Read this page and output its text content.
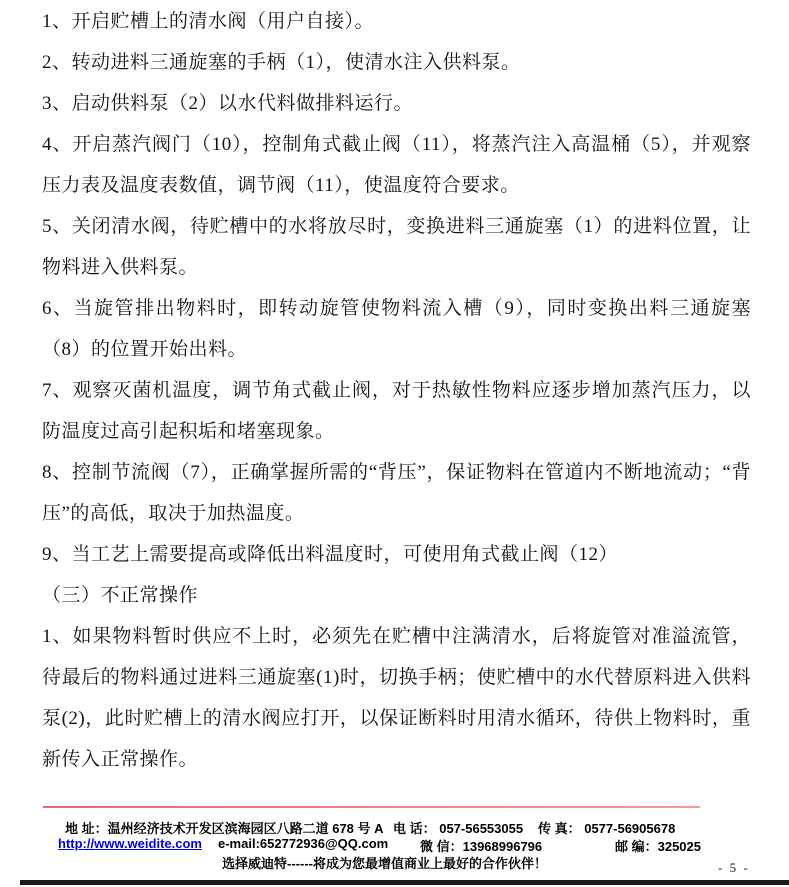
1、开启贮槽上的清水阀（用户自接）。

2、转动进料三通旋塞的手柄（1），使清水注入供料泵。

3、启动供料泵（2）以水代料做排料运行。

4、开启蒸汽阀门（10），控制角式截止阀（11），将蒸汽注入高温桶（5），并观察压力表及温度表数值，调节阀（11），使温度符合要求。

5、关闭清水阀，待贮槽中的水将放尽时，变换进料三通旋塞（1）的进料位置，让物料进入供料泵。

6、当旋管排出物料时，即转动旋管使物料流入槽（9），同时变换出料三通旋塞（8）的位置开始出料。

7、观察灭菌机温度，调节角式截止阀，对于热敏性物料应逐步增加蒸汽压力，以防温度过高引起积垢和堵塞现象。

8、控制节流阀（7），正确掌握所需的“背压”，保证物料在管道内不断地流动；“背压”的高低，取决于加热温度。

9、当工艺上需要提高或降低出料温度时，可使用角式截止阀（12）

（三）不正常操作

1、如果物料暂时供应不上时，必须先在贮槽中注满清水，后将旋管对准溢流管，待最后的物料通过进料三通旋塞(1)时，切换手柄；使贮槽中的水代替原料进入供料泵(2)，此时贮槽上的清水阀应打开，以保证断料时用清水循环，待供上物料时，重新传入正常操作。

地 址：温州经济技术开发区滨海园区八路二道 678 号 A 电 话： 057-56553055 传 真： 0577-56905678
http://www.weidite.com e-mail:652772936@QQ.com 微 信：13968996796	邮 编：325025
选择威迪特------将成为您最增值商业上最好的合作伙伴！	- 5 -
